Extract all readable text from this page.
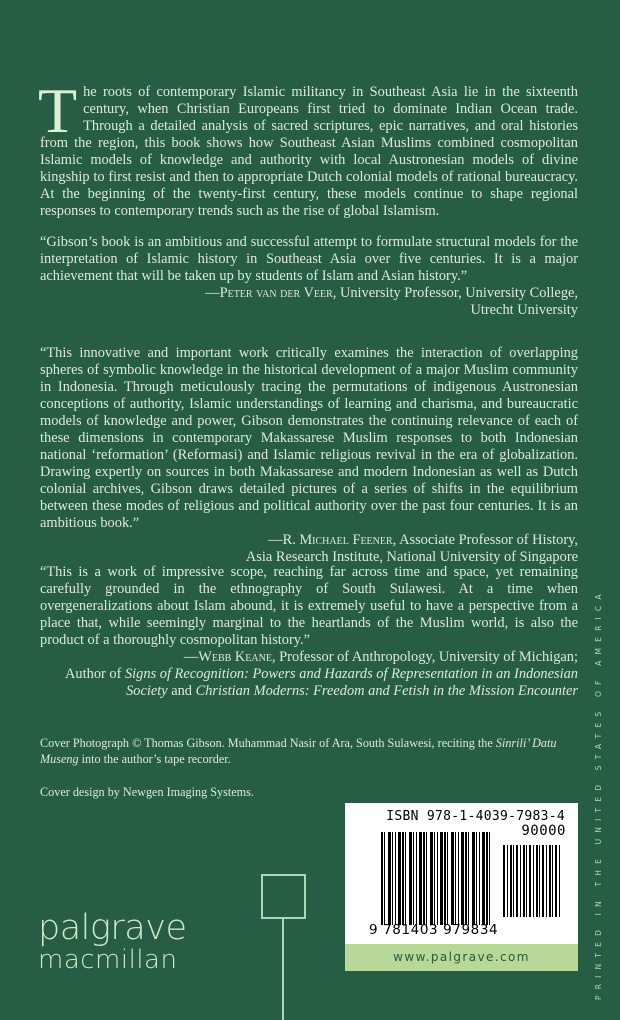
The roots of contemporary Islamic militancy in Southeast Asia lie in the sixteenth century, when Christian Europeans first tried to dominate Indian Ocean trade. Through a detailed analysis of sacred scriptures, epic narratives, and oral histories from the region, this book shows how Southeast Asian Muslims combined cosmopolitan Islamic models of knowledge and authority with local Austronesian models of divine kingship to first resist and then to appropriate Dutch colonial models of rational bureaucracy. At the beginning of the twenty-first century, these models continue to shape regional responses to contemporary trends such as the rise of global Islamism.

“Gibson’s book is an ambitious and successful attempt to formulate structural models for the interpretation of Islamic history in Southeast Asia over five centuries. It is a major achievement that will be taken up by students of Islam and Asian history.”

—Peter van der Veer, University Professor, University College,
Utrecht University

“This innovative and important work critically examines the interaction of overlapping spheres of symbolic knowledge in the historical development of a major Muslim community in Indonesia. Through meticulously tracing the permutations of indigenous Austronesian conceptions of authority, Islamic understandings of learning and charisma, and bureaucratic models of knowledge and power, Gibson demonstrates the continuing relevance of each of these dimensions in contemporary Makassarese Muslim responses to both Indonesian national ‘reformation’ (Reformasi) and Islamic religious revival in the era of globalization. Drawing expertly on sources in both Makassarese and modern Indonesian as well as Dutch colonial archives, Gibson draws detailed pictures of a series of shifts in the equilibrium between these modes of religious and political authority over the past four centuries. It is an ambitious book.”

—R. Michael Feener, Associate Professor of History,
Asia Research Institute, National University of Singapore

“This is a work of impressive scope, reaching far across time and space, yet remaining carefully grounded in the ethnography of South Sulawesi. At a time when overgeneralizations about Islam abound, it is extremely useful to have a perspective from a place that, while seemingly marginal to the heartlands of the Muslim world, is also the product of a thoroughly cosmopolitan history.”

—Webb Keane, Professor of Anthropology, University of Michigan;
Author of Signs of Recognition: Powers and Hazards of Representation in an Indonesian Society and Christian Moderns: Freedom and Fetish in the Mission Encounter

Cover Photograph © Thomas Gibson. Muhammad Nasir of Ara, South Sulawesi, reciting the Sinrili’ Datu Museng into the author’s tape recorder.

Cover design by Newgen Imaging Systems.

palgrave
macmillan
ISBN 978-1-4039-7983-4
90000
9 781403 979834
www.palgrave.com	PRINTED IN THE UNITED STATES OF AMERICA
